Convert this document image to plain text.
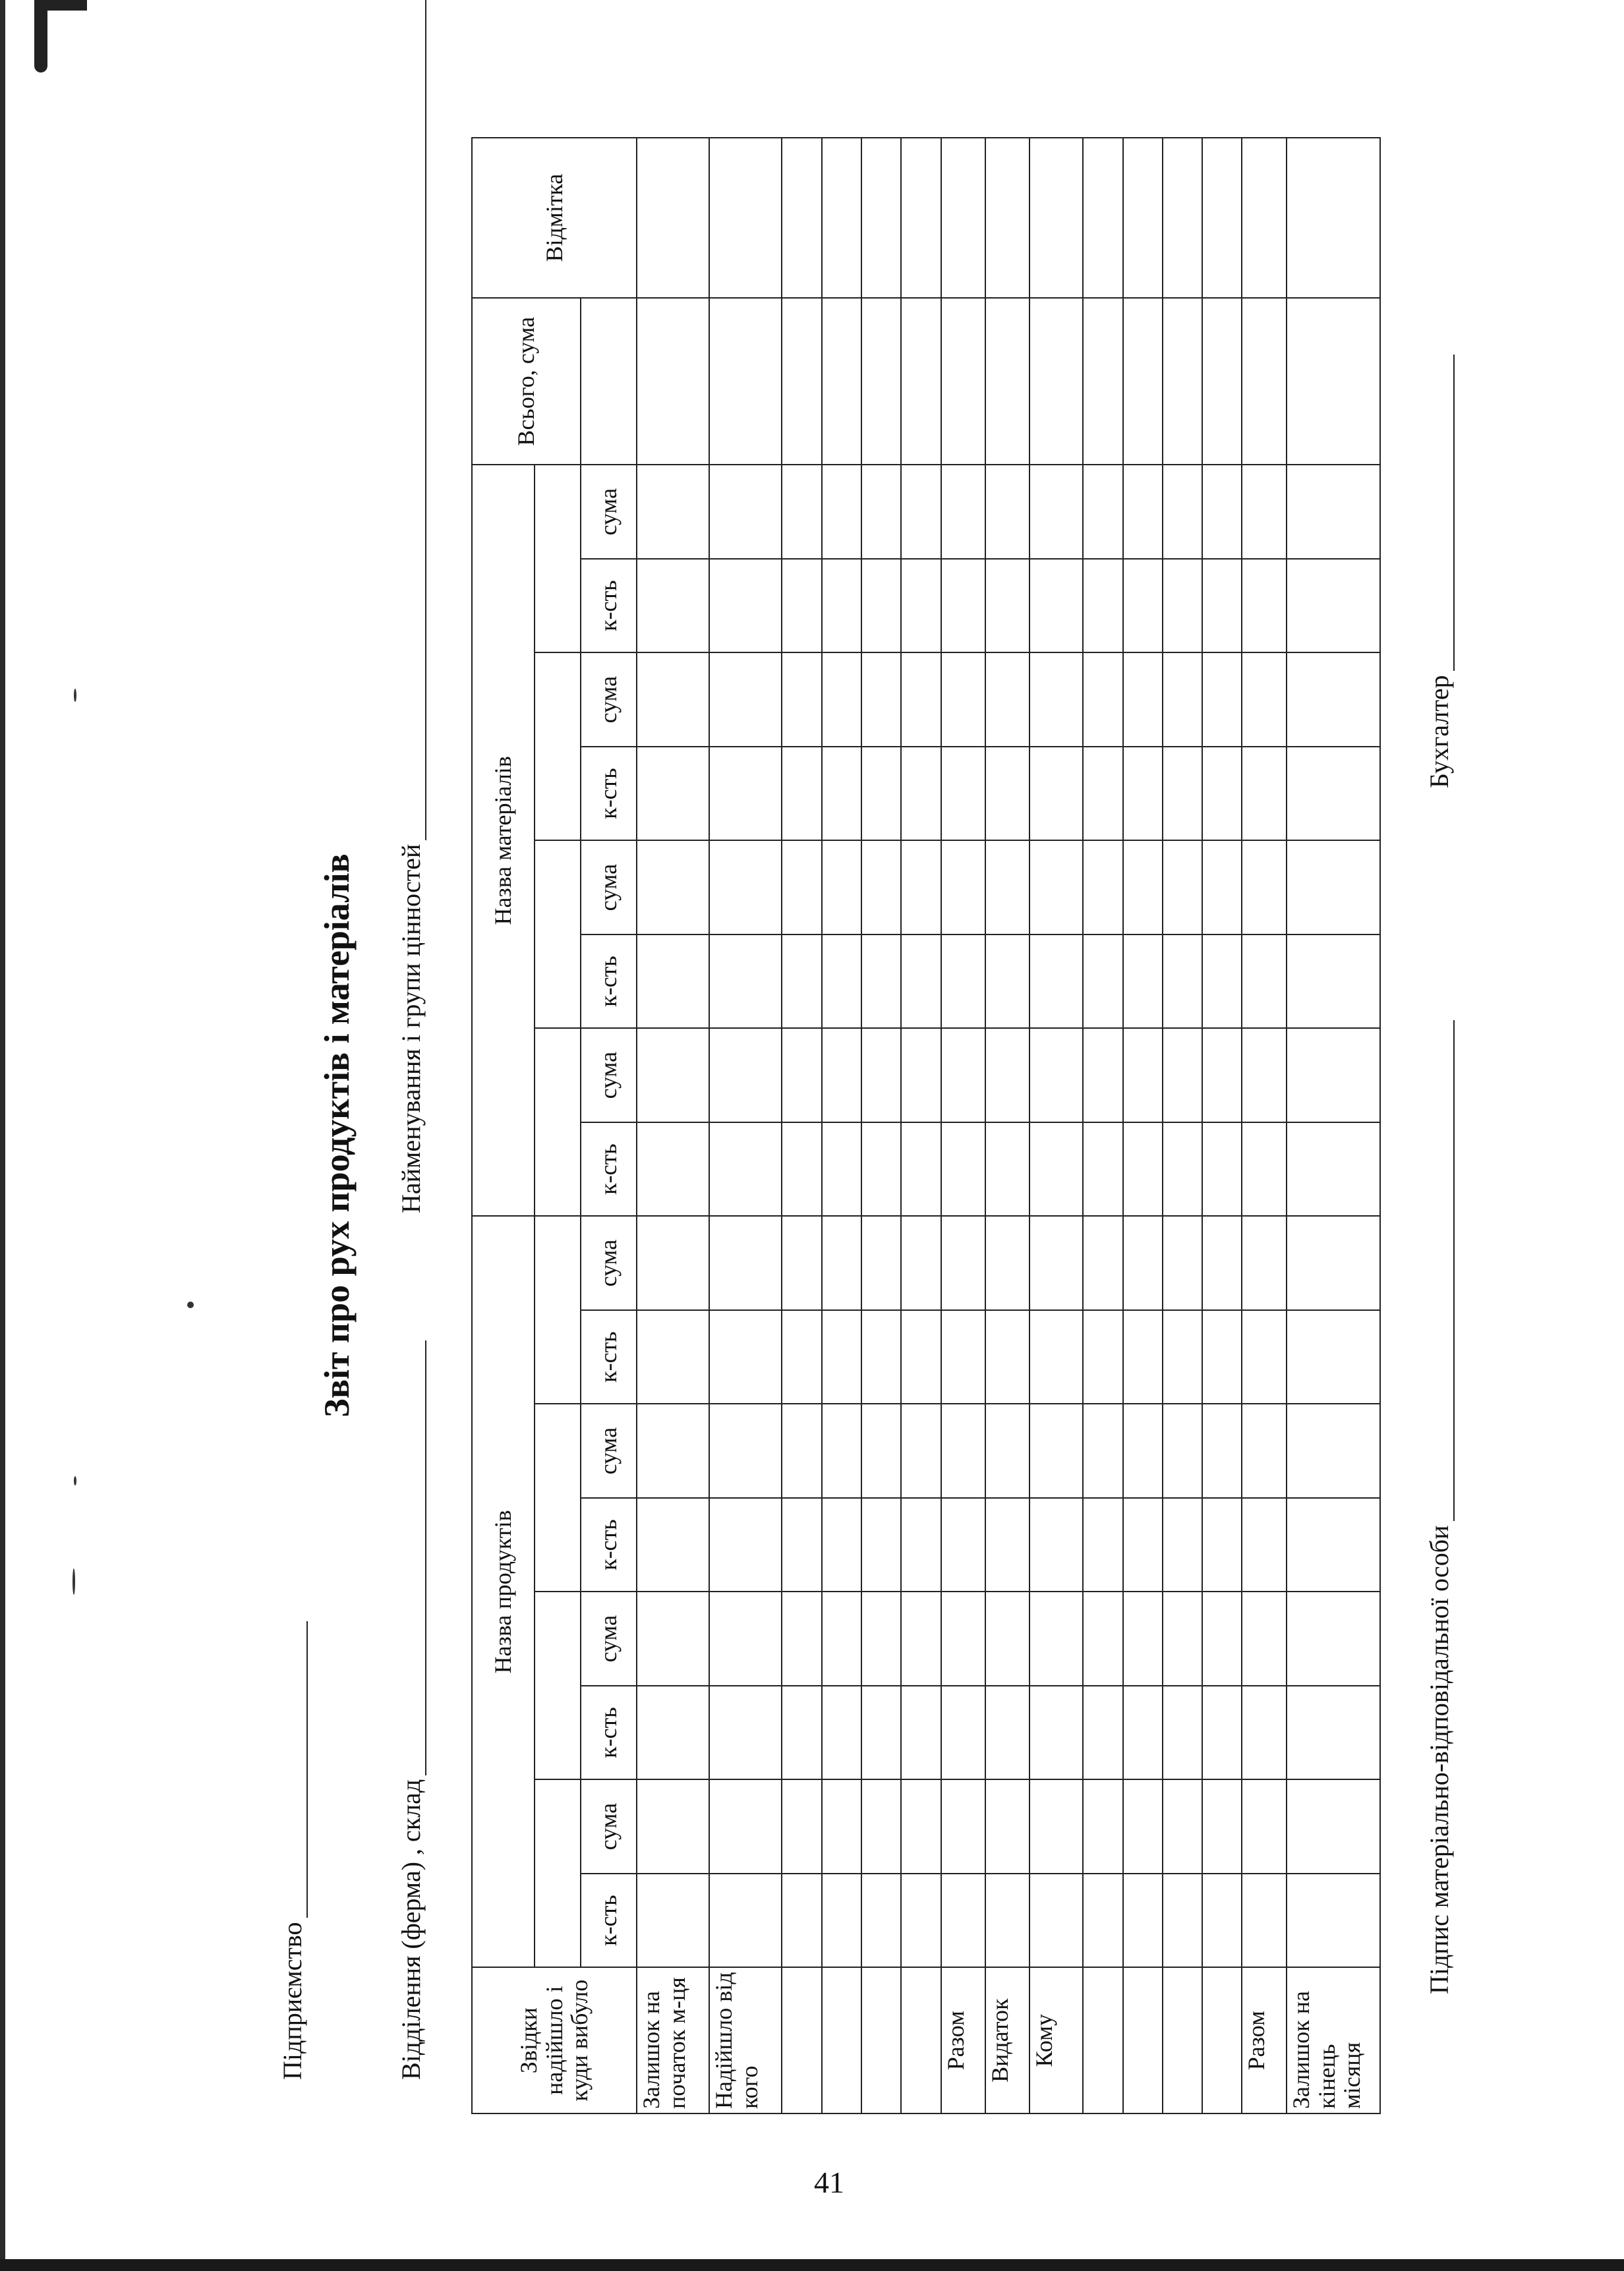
Підприємство
Звіт про рух продуктів і матеріалів
Відділення (ферма) , склад
Найменування і групи цінностей
Звідки надійшло і куди вибуло	Назва продуктів								Назва матеріалів								Всього, сума	Відмітка

	к-сть	сума	к-сть	сума	к-сть	сума	к-сть	сума	к-сть	сума	к-сть	сума	к-сть	сума	к-сть	сума		
Залишок на початок м-ця																		
Надійшло від кого																		

Разом																		
Видаток																		
Кому																		

Разом																		
Залишок на кінець місяця																		
Підпис матеріально-відповідальної особи
Бухгалтер
41
